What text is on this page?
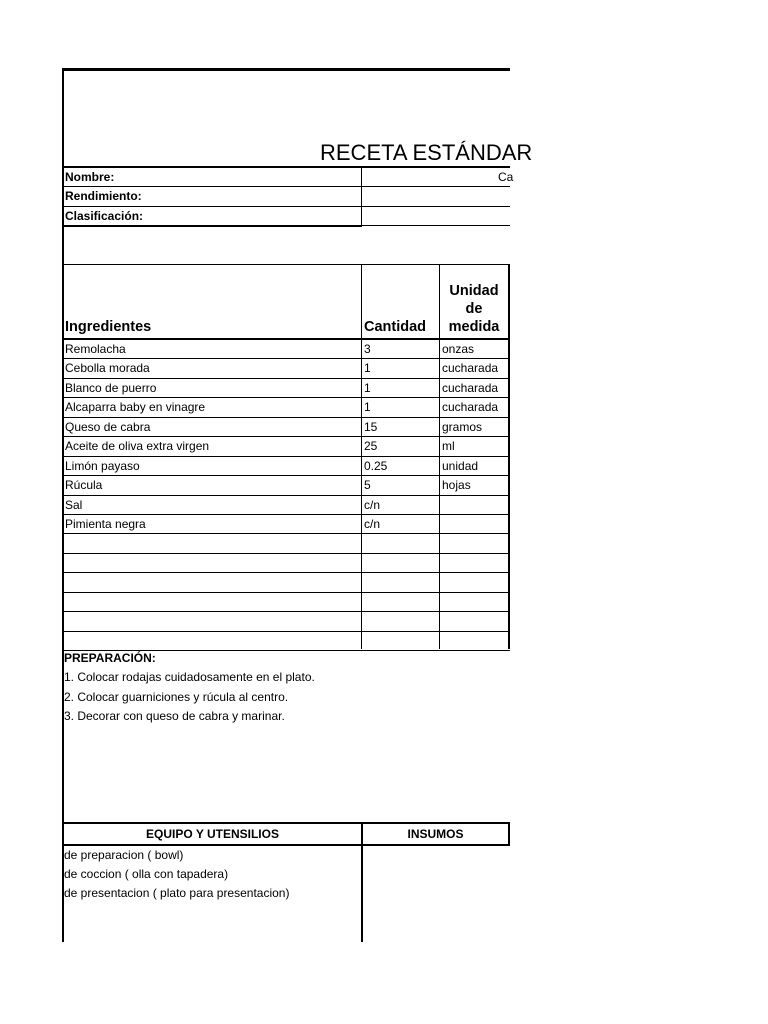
RECETA ESTÁNDAR
Nombre:	Ca
Rendimiento:
Clasificación:
Ingredientes	Cantidad
Unidad
de
medida
Remolacha	3	onzas
Cebolla morada	1	cucharada
Blanco de puerro	1	cucharada
Alcaparra baby en vinagre	1	cucharada
Queso de cabra	15	gramos
Aceite de oliva extra virgen	25	ml
Limón payaso	0.25	unidad
Rúcula	5	hojas
Sal	c/n
Pimienta negra	c/n
PREPARACIÓN:
1. Colocar rodajas cuidadosamente en el plato.
2. Colocar guarniciones y rúcula al centro.
3. Decorar con queso de cabra y marinar.
EQUIPO Y UTENSILIOS	INSUMOS
de preparacion ( bowl)
de coccion ( olla con tapadera)
de presentacion ( plato para presentacion)
